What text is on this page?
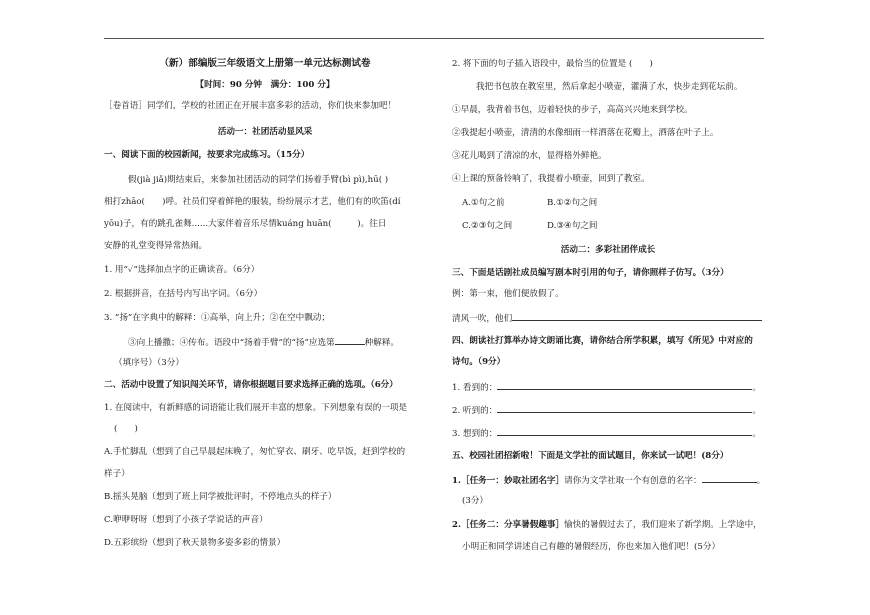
（新）部编版三年级语文上册第一单元达标测试卷
【时间：90 分钟　满分：100 分】
［卷首语］同学们，学校的社团正在开展丰富多彩的活动，你们快来参加吧！
活动一：社团活动显风采
一、阅读下面的校园新闻，按要求完成练习。（15分）
假(jià jiǎ)期结束后，来参加社团活动的同学们扬着手臂(bì pì),hū( )
相打zhāo(　　)呼。社员们穿着鲜艳的服装，纷纷展示才艺，他们有的吹笛(dí
yōu)子，有的跳孔雀舞......大家伴着音乐尽情kuáng huān(　　　)。往日
安静的礼堂变得异常热闹。
1. 用“✓”选择加点字的正确读音。（6分）
2. 根据拼音，在括号内写出字词。（6分）
3. “扬”在字典中的解释：①高举，向上升；②在空中飘动；
③向上播撒；④传布。语段中“扬着手臂”的“扬”应选第	种解释。
（填序号）（3分）
二、活动中设置了知识闯关环节，请你根据题目要求选择正确的选项。（6分）
1. 在阅读中，有新鲜感的词语能让我们展开丰富的想象。下列想象有误的一项是
(　　)
A.手忙脚乱（想到了自己早晨起床晚了，匆忙穿衣、刷牙、吃早饭，赶到学校的
样子）
B.摇头晃脑（想到了班上同学被批评时，不停地点头的样子）
C.咿咿呀呀（想到了小孩子学说话的声音）
D.五彩缤纷（想到了秋天景物多姿多彩的情景）
2. 将下面的句子插入语段中，最恰当的位置是 (　　)
我把书包放在教室里，然后拿起小喷壶，灌满了水，快步走到花坛前。
①早晨，我背着书包，迈着轻快的步子，高高兴兴地来到学校。
②我提起小喷壶，清清的水像细雨一样洒落在花瓣上，洒落在叶子上。
③花儿喝到了清凉的水，显得格外鲜艳。
④上课的预备铃响了，我提着小喷壶，回到了教室。
A.①句之前	B.①②句之间
C.②③句之间	D.③④句之间
活动二：多彩社团伴成长
三、下面是话剧社成员编写剧本时引用的句子，请你照样子仿写。（3分）
例：第一束，他们便放假了。
清风一吹，他们
四、朗读社打算举办诗文朗诵比赛，请你结合所学积累，填写《所见》中对应的
诗句。（9分）
1. 看到的：	。
2. 听到的：	。
3. 想到的：	。
五、校园社团招新啦！下面是文学社的面试题目，你来试一试吧！(8分）
1.［任务一：妙取社团名字］请你为文学社取一个有创意的名字：	。
(3分）
2.［任务二：分享暑假趣事］愉快的暑假过去了，我们迎来了新学期。上学途中，
小明正和同学讲述自己有趣的暑假经历，你也来加入他们吧！(5分）
